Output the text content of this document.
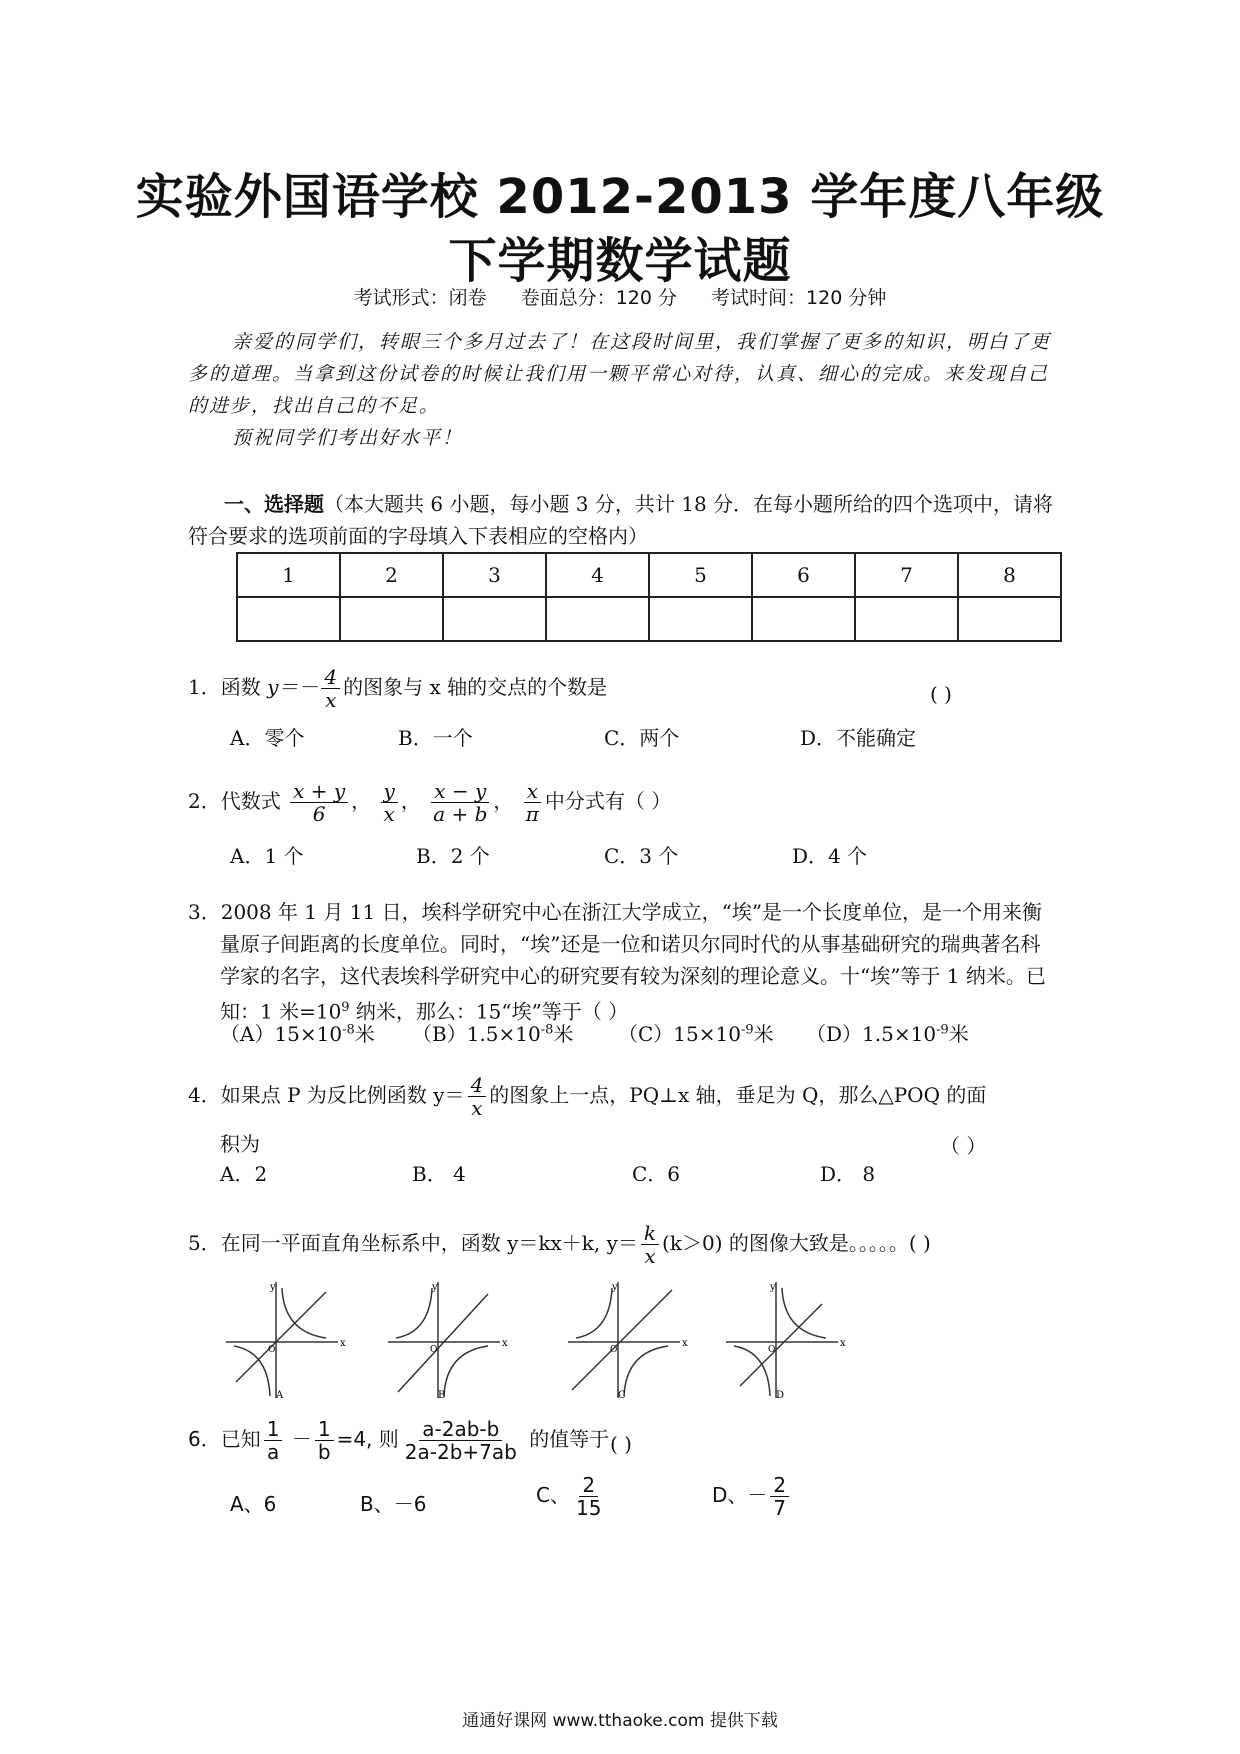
实验外国语学校 2012-2013 学年度八年级
下学期数学试题
考试形式：闭卷 卷面总分：120 分 考试时间：120 分钟
亲爱的同学们，转眼三个多月过去了！在这段时间里，我们掌握了更多的知识，明白了更多的道理。当拿到这份试卷的时候让我们用一颗平常心对待，认真、细心的完成。来发现自己的进步，找出自己的不足。
预祝同学们考出好水平！
一、选择题（本大题共 6 小题，每小题 3 分，共计 18 分．在每小题所给的四个选项中，请将符合要求的选项前面的字母填入下表相应的空格内）
1	2	3	4	5	6	7	8

1．函数 $y=- \frac{4}{x}$ 的图象与 x 轴的交点的个数是	( )
A．零个	B．一个	C．两个	D．不能确定
2．代数式 $\frac{x + y}{6}$ ， $\frac{y}{x}$ ， $\frac{x - y}{a + b}$ ， $\frac{x}{\pi}$ 中分式有（ ）
A．1 个	B．2 个	C．3 个	D．4 个
3．2008 年 1 月 11 日，埃科学研究中心在浙江大学成立，“埃”是一个长度单位，是一个用来衡量原子间距离的长度单位。同时，“埃”还是一位和诺贝尔同时代的从事基础研究的瑞典著名科学家的名字，这代表埃科学研究中心的研究要有较为深刻的理论意义。十“埃”等于 1 纳米。已知：1 米$=10^9$ 纳米，那么：15“埃”等于（ ）
$(A)15\times 10^{-8}$米 $(B)1.5\times 10^{-8}$米 $(C)15\times 10^{-9}$米 $(D)1.5\times 10^{-9}$米
4．如果点 P 为反比例函数 $y= \frac{4}{x}$ 的图象上一点，PQ⊥x 轴，垂足为 Q，那么△POQ 的面
积为	（ ）
A．2	B． 4	C．6	D． 8
5．在同一平面直角坐标系中，函数 y＝kx＋k, $y= \frac{k}{x} (k>0)$ 的图像大致是。。。。。( )
x
y
O
A
x
y
O
B
x
y
O
C
x
y
O
D
6．已知 $\frac{1}{a} - \frac{1}{b} =4$, 则 $\frac{a-2ab-b}{2a-2b+7ab}$ 的值等于 ( )
A、6	B、－6	C、 $\frac{2}{15}$	D、－ $\frac{2}{7}$
通通好课网 www.tthaoke.com 提供下载
